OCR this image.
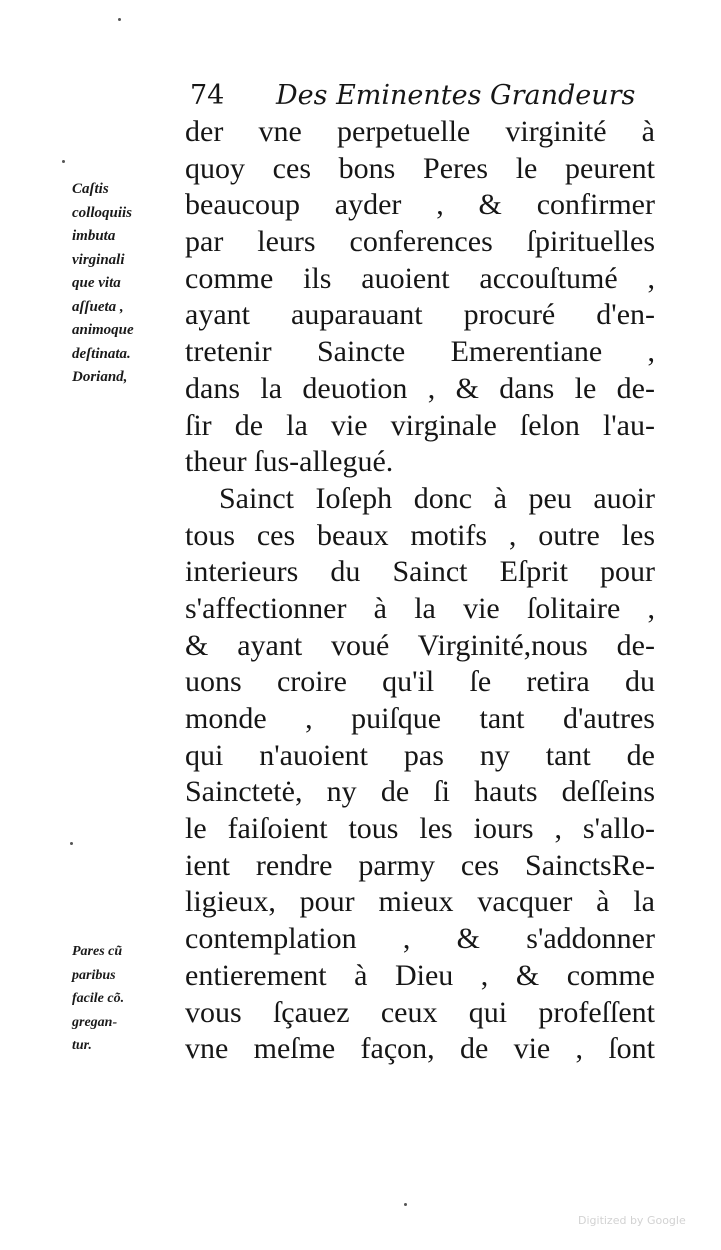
74 Des Eminentes Grandeurs
Caſtis
colloquiis
imbuta
virginali
que vita
aſſueta ,
animoque
deſtinata.
Doriand,
Pares cũ
paribus
facile cõ.
gregan-
tur.
der vne perpetuelle virginité à
quoy ces bons Peres le peurent
beaucoup ayder , & confirmer
par leurs conferences ſpirituelles
comme ils auoient accouſtumé ,
ayant auparauant procuré d'en-
tretenir Saincte Emerentiane ,
dans la deuotion , & dans le de-
ſir de la vie virginale ſelon l'au-
theur ſus-allegué.
Sainct Ioſeph donc à peu auoir
tous ces beaux motifs , outre les
interieurs du Sainct Eſprit pour
s'affectionner à la vie ſolitaire ,
& ayant voué Virginité,nous de-
uons croire qu'il ſe retira du
monde , puiſque tant d'autres
qui n'auoient pas ny tant de
Sainctetė, ny de ſi hauts deſſeins
le faiſoient tous les iours , s'allo-
ient rendre parmy ces SainctsRe-
ligieux, pour mieux vacquer à la
contemplation , & s'addonner
entierement à Dieu , & comme
vous ſçauez ceux qui profeſſent
vne meſme façon, de vie , ſont
Digitized by Google
